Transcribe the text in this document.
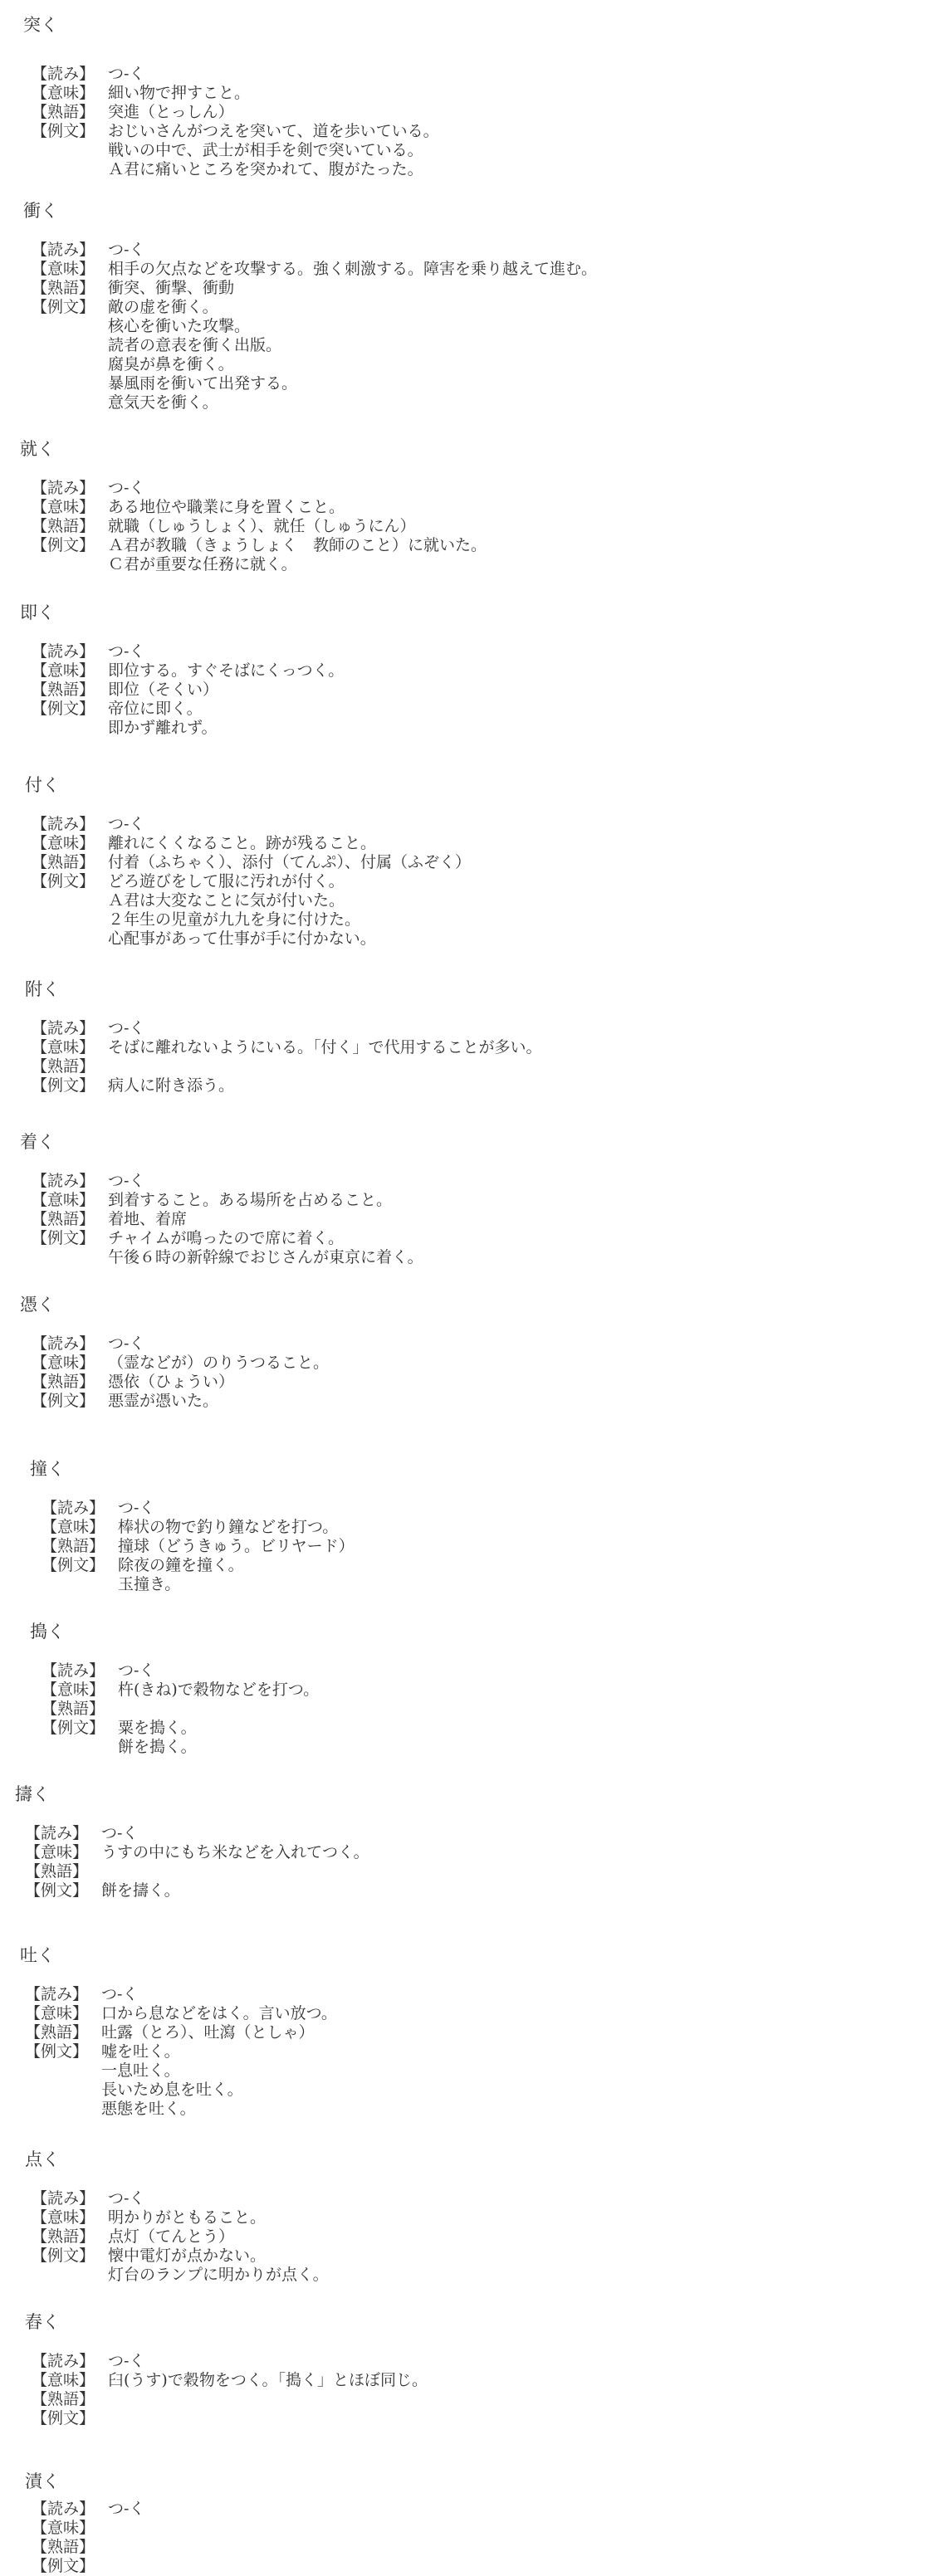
突く
【読み】 つ‐く
【意味】 細い物で押すこと。
【熟語】 突進（とっしん）
【例文】 おじいさんがつえを突いて、道を歩いている。
戦いの中で、武士が相手を剣で突いている。
Ａ君に痛いところを突かれて、腹がたった。
衝く
【読み】 つ‐く
【意味】 相手の欠点などを攻撃する。強く刺激する。障害を乗り越えて進む。
【熟語】 衝突、衝撃、衝動
【例文】 敵の虚を衝く。
核心を衝いた攻撃。
読者の意表を衝く出版。
腐臭が鼻を衝く。
暴風雨を衝いて出発する。
意気天を衝く。
就く
【読み】 つ‐く
【意味】 ある地位や職業に身を置くこと。
【熟語】 就職（しゅうしょく）、就任（しゅうにん）
【例文】 Ａ君が教職（きょうしょく　教師のこと）に就いた。
Ｃ君が重要な任務に就く。
即く
【読み】 つ‐く
【意味】 即位する。すぐそばにくっつく。
【熟語】 即位（そくい）
【例文】 帝位に即く。
即かず離れず。
付く
【読み】 つ‐く
【意味】 離れにくくなること。跡が残ること。
【熟語】 付着（ふちゃく）、添付（てんぷ）、付属（ふぞく）
【例文】 どろ遊びをして服に汚れが付く。
Ａ君は大変なことに気が付いた。
２年生の児童が九九を身に付けた。
心配事があって仕事が手に付かない。
附く
【読み】 つ‐く
【意味】 そばに離れないようにいる。「付く」で代用することが多い。
【熟語】
【例文】 病人に附き添う。
着く
【読み】 つ‐く
【意味】 到着すること。ある場所を占めること。
【熟語】 着地、着席
【例文】 チャイムが鳴ったので席に着く。
午後６時の新幹線でおじさんが東京に着く。
憑く
【読み】 つ‐く
【意味】 （霊などが）のりうつること。
【熟語】 憑依（ひょうい）
【例文】 悪霊が憑いた。
撞く
【読み】 つ‐く
【意味】 棒状の物で釣り鐘などを打つ。
【熟語】 撞球（どうきゅう。ビリヤード）
【例文】 除夜の鐘を撞く。
玉撞き。
搗く
【読み】 つ‐く
【意味】 杵(きね)で穀物などを打つ。
【熟語】
【例文】 粟を搗く。
餅を搗く。
擣く
【読み】 つ‐く
【意味】 うすの中にもち米などを入れてつく。
【熟語】
【例文】 餅を擣く。
吐く
【読み】 つ‐く
【意味】 口から息などをはく。言い放つ。
【熟語】 吐露（とろ）、吐瀉（としゃ）
【例文】 嘘を吐く。
一息吐く。
長いため息を吐く。
悪態を吐く。
点く
【読み】 つ‐く
【意味】 明かりがともること。
【熟語】 点灯（てんとう）
【例文】 懐中電灯が点かない。
灯台のランプに明かりが点く。
舂く
【読み】 つ‐く
【意味】 臼(うす)で穀物をつく。「搗く」とほぼ同じ。
【熟語】
【例文】
漬く
【読み】 つ‐く
【意味】
【熟語】
【例文】
